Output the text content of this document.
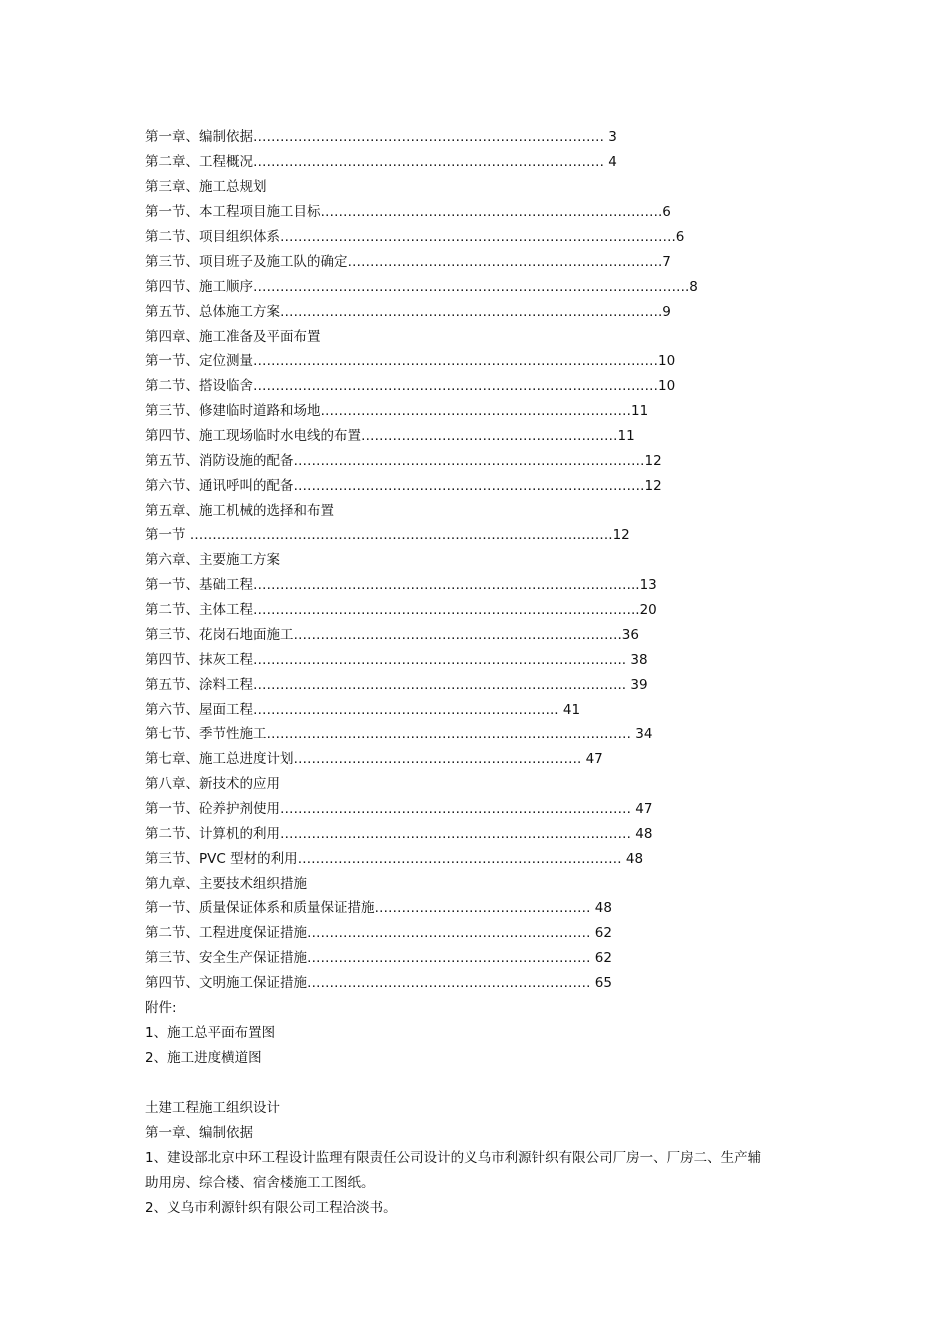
第一章、编制依据…………………………………………………………………… 3
第二章、工程概况…………………………………………………………………… 4
第三章、施工总规划
第一节、本工程项目施工目标………………………………………………………………….6
第二节、项目组织体系…………………………………………………………………………….6
第三节、项目班子及施工队的确定…………………………………………………………….7
第四节、施工顺序…………………………………………………………………………………….8
第五节、总体施工方案………………………………………………………………………….9
第四章、施工准备及平面布置
第一节、定位测量………………………………………………………………………………10
第二节、搭设临舍………………………………………………………………………………10
第三节、修建临时道路和场地……………………………………………………………11
第四节、施工现场临时水电线的布置…………………………………………………11
第五节、消防设施的配备……………………………………………………………………12
第六节、通讯呼叫的配备……………………………………………………………………12
第五章、施工机械的选择和布置
第一节 ………………………………………………………………………………….12
第六章、主要施工方案
第一节、基础工程…………………………………………………………………………..13
第二节、主体工程…………………………………………………………………………..20
第三节、花岗石地面施工……………………………………………………………….36
第四节、抹灰工程……………………………………………………………………….. 38
第五节、涂料工程……………………………………………………………………….. 39
第六节、屋面工程………………………………………………………….. 41
第七节、季节性施工……………………………………………………………………… 34
第七章、施工总进度计划………………………………………………………. 47
第八章、新技术的应用
第一节、砼养护剂使用…………………………………………………………………… 47
第二节、计算机的利用…………………………………………………………………… 48
第三节、PVC 型材的利用……………………………………………………………… 48
第九章、主要技术组织措施
第一节、质量保证体系和质量保证措施………………………………………… 48
第二节、工程进度保证措施……………………………………………………… 62
第三节、安全生产保证措施……………………………………………………… 62
第四节、文明施工保证措施……………………………………………………… 65
附件:
1、施工总平面布置图
2、施工进度横道图
土建工程施工组织设计
第一章、编制依据
1、建设部北京中环工程设计监理有限责任公司设计的义乌市利源针织有限公司厂房一、厂房二、生产辅
助用房、综合楼、宿舍楼施工工图纸。
2、义乌市利源针织有限公司工程洽淡书。
